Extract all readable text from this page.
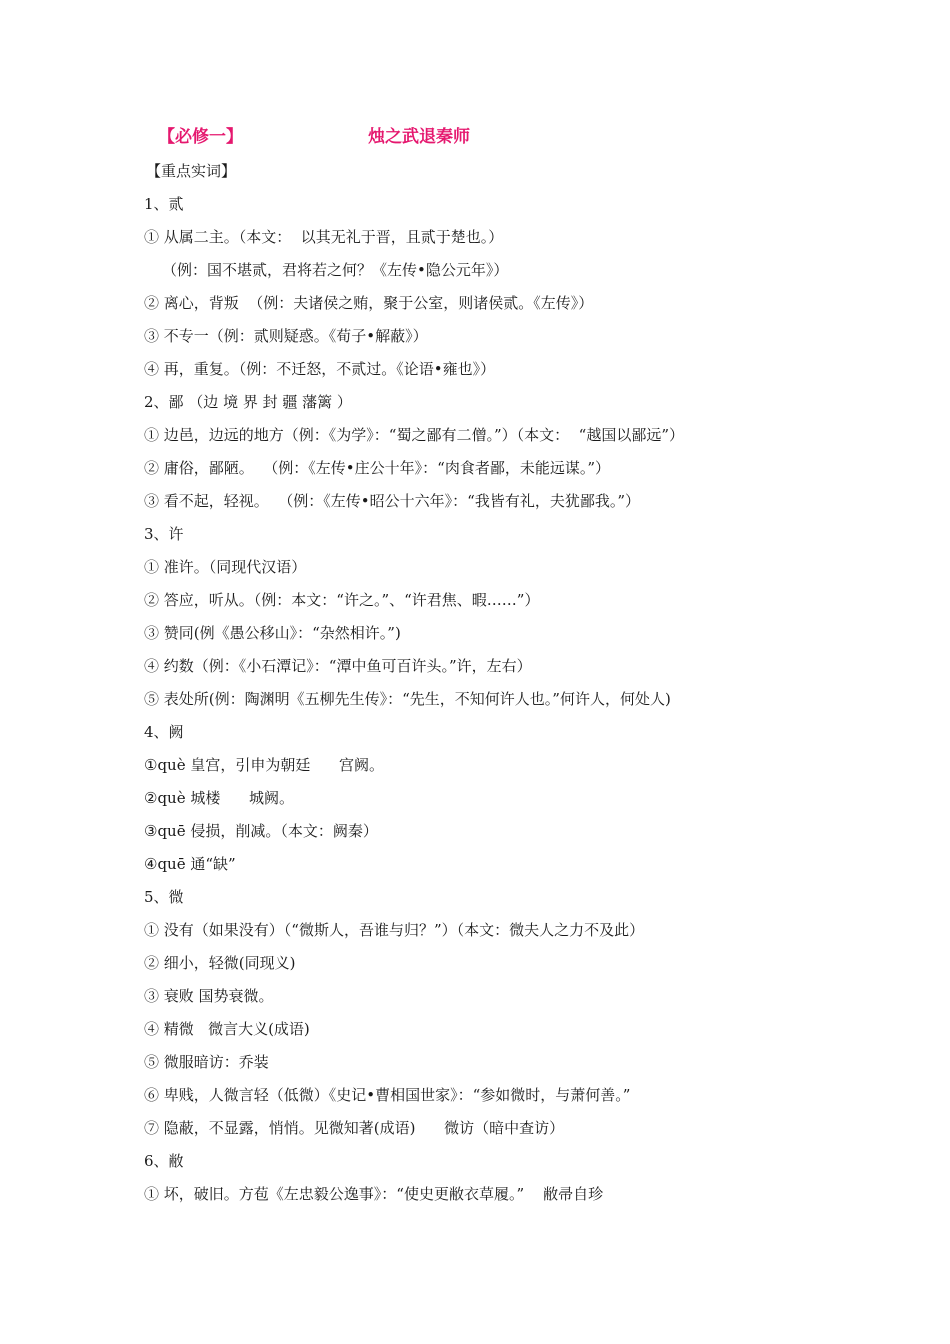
【必修一】	烛之武退秦师
【重点实词】
1、贰
① 从属二主。（本文：  以其无礼于晋，且贰于楚也。）
（例：国不堪贰，君将若之何？《左传•隐公元年》）
② 离心，背叛  （例：夫诸侯之贿，聚于公室，则诸侯贰。《左传》）
③ 不专一（例：贰则疑惑。《荀子•解蔽》）
④ 再，重复。（例：不迁怒，不贰过。《论语•雍也》）
2、鄙 （边 境 界 封 疆 藩篱 ）
① 边邑，边远的地方（例：《为学》：“蜀之鄙有二僧。”）（本文：  “越国以鄙远”）
② 庸俗，鄙陋。  （例：《左传•庄公十年》：“肉食者鄙，未能远谋。”）
③ 看不起，轻视。  （例：《左传•昭公十六年》：“我皆有礼，夫犹鄙我。”）
3、许
① 准许。（同现代汉语）
② 答应，听从。（例：本文：“许之。”、“许君焦、暇……”）
③ 赞同(例《愚公移山》：“杂然相许。”)
④ 约数（例：《小石潭记》：“潭中鱼可百许头。”许，左右）
⑤ 表处所(例：陶渊明《五柳先生传》：“先生，不知何许人也。”何许人，何处人)
4、阙
①què 皇宫，引申为朝廷      宫阙。
②què 城楼      城阙。
③quē 侵损，削减。（本文：阙秦）
④quē 通“缺”
5、微
① 没有（如果没有）（“微斯人，吾谁与归？”）（本文：微夫人之力不及此）
② 细小，轻微(同现义)
③ 衰败 国势衰微。
④ 精微   微言大义(成语)
⑤ 微服暗访：乔装
⑥ 卑贱，人微言轻（低微）《史记•曹相国世家》：“参如微时，与萧何善。”
⑦ 隐蔽，不显露，悄悄。见微知著(成语)      微访（暗中查访）
6、敝
① 坏，破旧。方苞《左忠毅公逸事》：“使史更敝衣草履。”    敝帚自珍
